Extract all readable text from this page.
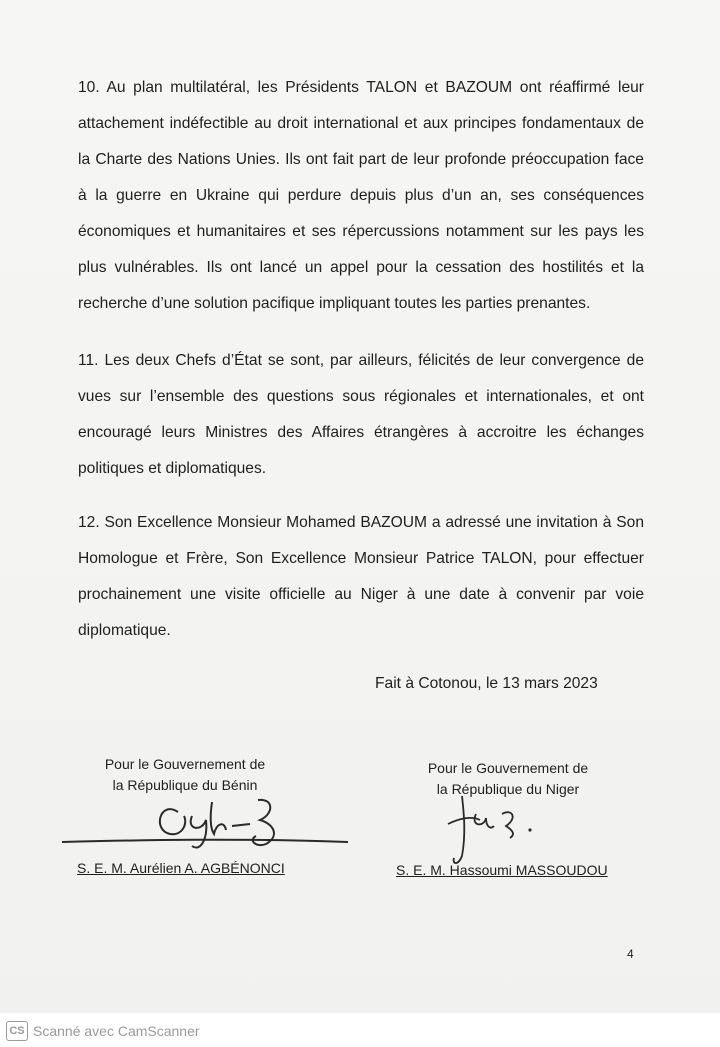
10. Au plan multilatéral, les Présidents TALON et BAZOUM ont réaffirmé leur attachement indéfectible au droit international et aux principes fondamentaux de la Charte des Nations Unies. Ils ont fait part de leur profonde préoccupation face à la guerre en Ukraine qui perdure depuis plus d’un an, ses conséquences économiques et humanitaires et ses répercussions notamment sur les pays les plus vulnérables. Ils ont lancé un appel pour la cessation des hostilités et la recherche d’une solution pacifique impliquant toutes les parties prenantes.

11. Les deux Chefs d’État se sont, par ailleurs, félicités de leur convergence de vues sur l’ensemble des questions sous régionales et internationales, et ont encouragé leurs Ministres des Affaires étrangères à accroitre les échanges politiques et diplomatiques.

12. Son Excellence Monsieur Mohamed BAZOUM a adressé une invitation à Son Homologue et Frère, Son Excellence Monsieur Patrice TALON, pour effectuer prochainement une visite officielle au Niger à une date à convenir par voie diplomatique.

Fait à Cotonou, le 13 mars 2023
Pour le Gouvernement de
la République du Bénin
S. E. M. Aurélien A. AGBÉNONCI
Pour le Gouvernement de
la République du Niger
S. E. M. Hassoumi MASSOUDOU
4
CS Scanné avec CamScanner
